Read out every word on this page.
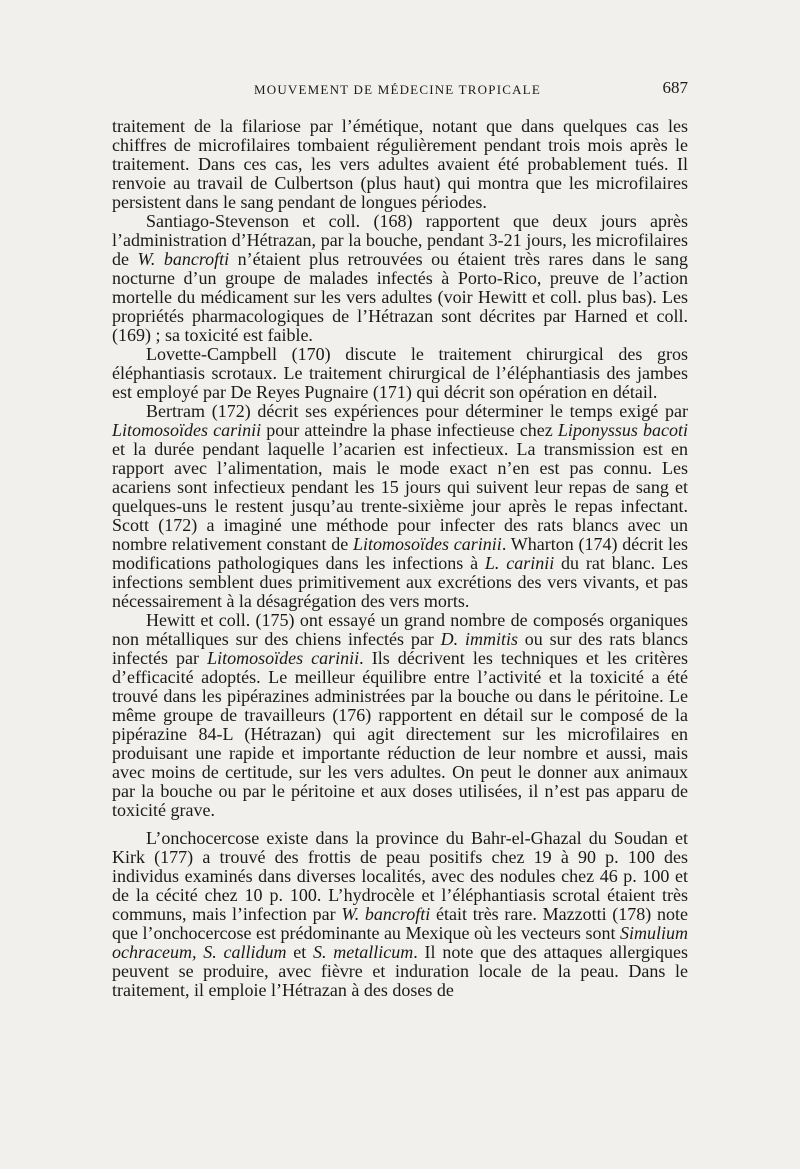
MOUVEMENT DE MÉDECINE TROPICALE	687

traitement de la filariose par l’émétique, notant que dans quelques cas les chiffres de microfilaires tombaient régulièrement pendant trois mois après le traitement. Dans ces cas, les vers adultes avaient été probablement tués. Il renvoie au travail de Culbertson (plus haut) qui montra que les microfilaires persistent dans le sang pendant de longues périodes.

Santiago-Stevenson et coll. (168) rapportent que deux jours après l’administration d’Hétrazan, par la bouche, pendant 3-21 jours, les microfilaires de W. bancrofti n’étaient plus retrouvées ou étaient très rares dans le sang nocturne d’un groupe de malades infectés à Porto-Rico, preuve de l’action mortelle du médicament sur les vers adultes (voir Hewitt et coll. plus bas). Les propriétés pharmacologiques de l’Hétrazan sont décrites par Harned et coll. (169) ; sa toxicité est faible.

Lovette-Campbell (170) discute le traitement chirurgical des gros éléphantiasis scrotaux. Le traitement chirurgical de l’éléphantiasis des jambes est employé par De Reyes Pugnaire (171) qui décrit son opération en détail.

Bertram (172) décrit ses expériences pour déterminer le temps exigé par Litomosoïdes carinii pour atteindre la phase infectieuse chez Liponyssus bacoti et la durée pendant laquelle l’acarien est infectieux. La transmission est en rapport avec l’alimentation, mais le mode exact n’en est pas connu. Les acariens sont infectieux pendant les 15 jours qui suivent leur repas de sang et quelques-uns le restent jusqu’au trente-sixième jour après le repas infectant. Scott (172) a imaginé une méthode pour infecter des rats blancs avec un nombre relativement constant de Litomosoïdes carinii. Wharton (174) décrit les modifications pathologiques dans les infections à L. carinii du rat blanc. Les infections semblent dues primitivement aux excrétions des vers vivants, et pas nécessairement à la désagrégation des vers morts.

Hewitt et coll. (175) ont essayé un grand nombre de composés organiques non métalliques sur des chiens infectés par D. immitis ou sur des rats blancs infectés par Litomosoïdes carinii. Ils décrivent les techniques et les critères d’efficacité adoptés. Le meilleur équilibre entre l’activité et la toxicité a été trouvé dans les pipérazines administrées par la bouche ou dans le péritoine. Le même groupe de travailleurs (176) rapportent en détail sur le composé de la pipérazine 84-L (Hétrazan) qui agit directement sur les microfilaires en produisant une rapide et importante réduction de leur nombre et aussi, mais avec moins de certitude, sur les vers adultes. On peut le donner aux animaux par la bouche ou par le péritoine et aux doses utilisées, il n’est pas apparu de toxicité grave.

L’onchocercose existe dans la province du Bahr-el-Ghazal du Soudan et Kirk (177) a trouvé des frottis de peau positifs chez 19 à 90 p. 100 des individus examinés dans diverses localités, avec des nodules chez 46 p. 100 et de la cécité chez 10 p. 100. L’hydrocèle et l’éléphantiasis scrotal étaient très communs, mais l’infection par W. bancrofti était très rare. Mazzotti (178) note que l’onchocercose est prédominante au Mexique où les vecteurs sont Simulium ochraceum, S. callidum et S. metallicum. Il note que des attaques allergiques peuvent se produire, avec fièvre et induration locale de la peau. Dans le traitement, il emploie l’Hétrazan à des doses de
